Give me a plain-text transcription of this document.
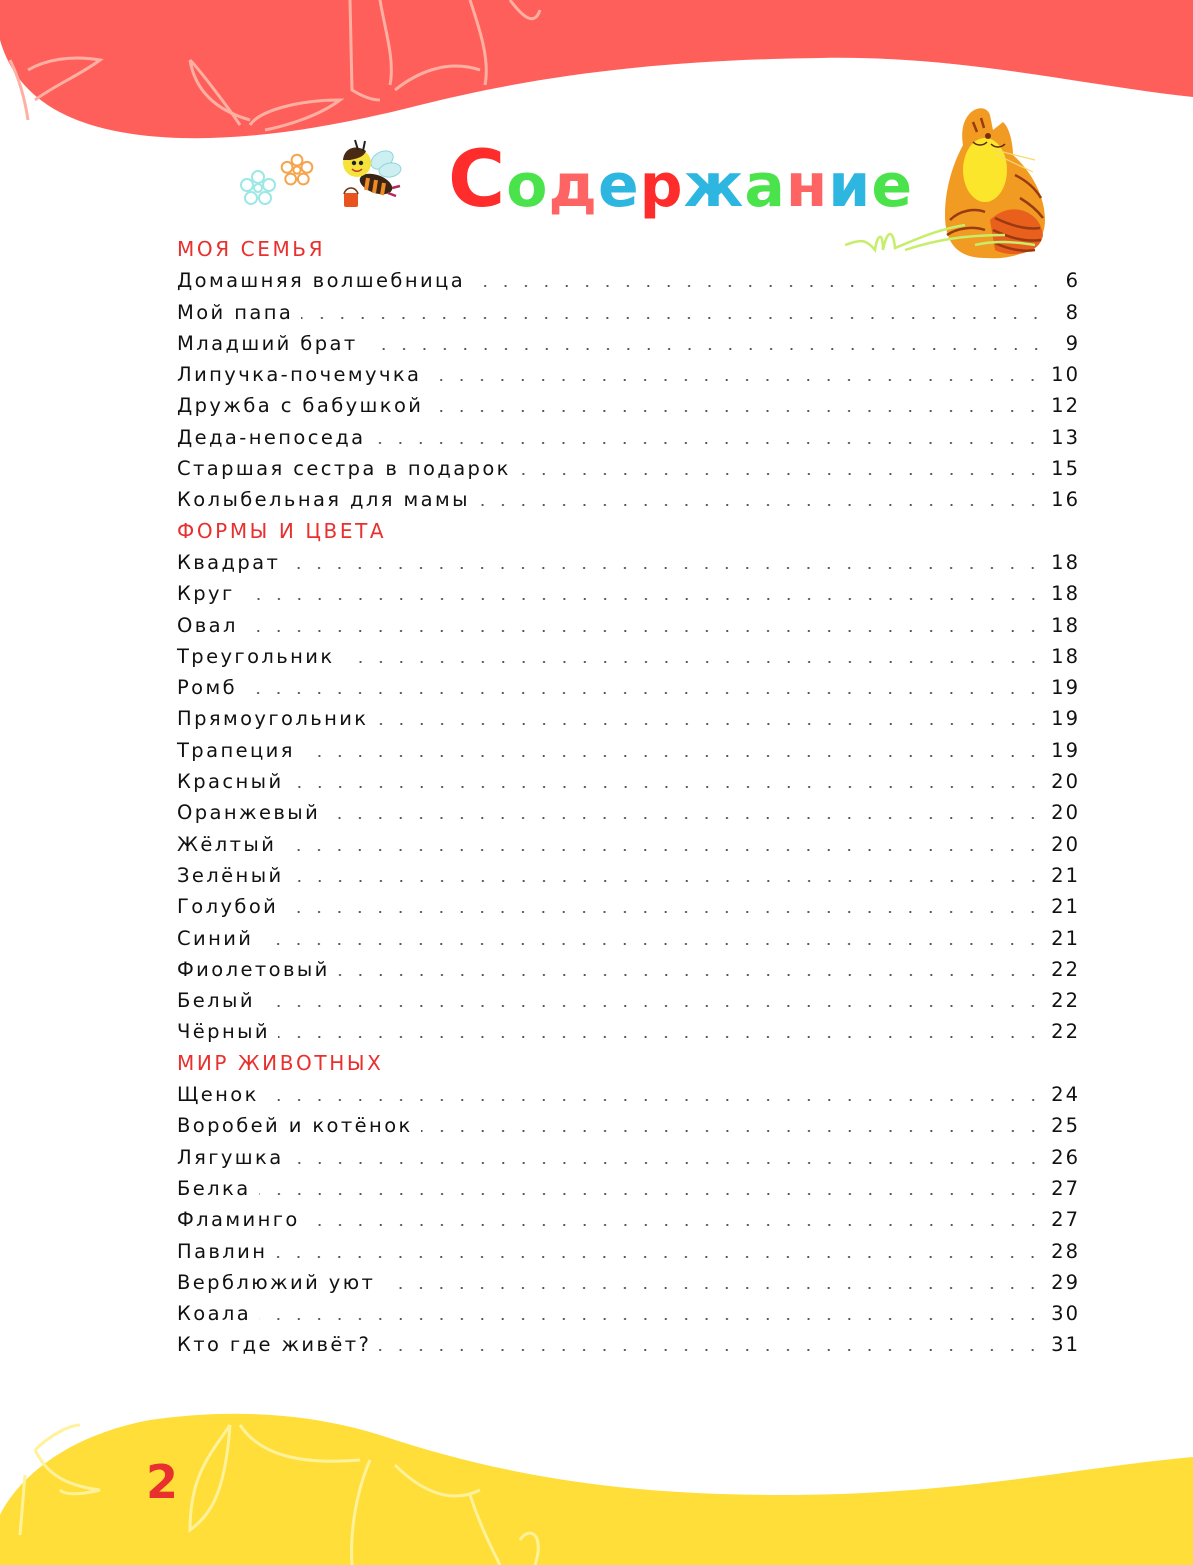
Содержание
МОЯ СЕМЬЯ
Домашняя волшебница	6
Мой папа	8
Младший брат	9
Липучка-почемучка	10
Дружба с бабушкой	12
Деда-непоседа	13
Старшая сестра в подарок	15
Колыбельная для мамы	16
ФОРМЫ И ЦВЕТА
Квадрат	18
Круг	18
Овал	18
Треугольник	18
Ромб	19
Прямоугольник	19
Трапеция	19
Красный	20
Оранжевый	20
Жёлтый	20
Зелёный	21
Голубой	21
Синий	21
Фиолетовый	22
Белый	22
Чёрный	22
МИР ЖИВОТНЫХ
Щенок	24
Воробей и котёнок	25
Лягушка	26
Белка	27
Фламинго	27
Павлин	28
Верблюжий уют	29
Коала	30
Кто где живёт?	31
2
